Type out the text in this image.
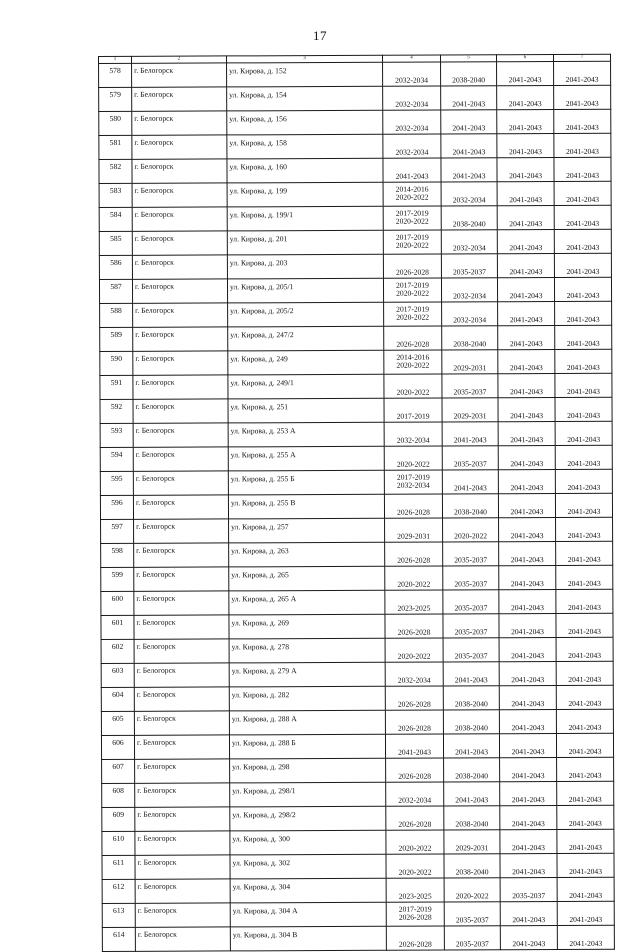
17
1	2	3	4	5	6	7
578	г. Белогорск	ул. Кирова, д. 152	2032-2034	2038-2040	2041-2043	2041-2043
579	г. Белогорск	ул. Кирова, д. 154	2032-2034	2041-2043	2041-2043	2041-2043
580	г. Белогорск	ул. Кирова, д. 156	2032-2034	2041-2043	2041-2043	2041-2043
581	г. Белогорск	ул. Кирова, д. 158	2032-2034	2041-2043	2041-2043	2041-2043
582	г. Белогорск	ул. Кирова, д. 160	2041-2043	2041-2043	2041-2043	2041-2043
583	г. Белогорск	ул. Кирова, д. 199	2014-2016
2020-2022	2032-2034	2041-2043	2041-2043
584	г. Белогорск	ул. Кирова, д. 199/1	2017-2019
2020-2022	2038-2040	2041-2043	2041-2043
585	г. Белогорск	ул. Кирова, д. 201	2017-2019
2020-2022	2032-2034	2041-2043	2041-2043
586	г. Белогорск	ул. Кирова, д. 203	2026-2028	2035-2037	2041-2043	2041-2043
587	г. Белогорск	ул. Кирова, д. 205/1	2017-2019
2020-2022	2032-2034	2041-2043	2041-2043
588	г. Белогорск	ул. Кирова, д. 205/2	2017-2019
2020-2022	2032-2034	2041-2043	2041-2043
589	г. Белогорск	ул. Кирова, д. 247/2	2026-2028	2038-2040	2041-2043	2041-2043
590	г. Белогорск	ул. Кирова, д. 249	2014-2016
2020-2022	2029-2031	2041-2043	2041-2043
591	г. Белогорск	ул. Кирова, д. 249/1	2020-2022	2035-2037	2041-2043	2041-2043
592	г. Белогорск	ул. Кирова, д. 251	2017-2019	2029-2031	2041-2043	2041-2043
593	г. Белогорск	ул. Кирова, д. 253 А	2032-2034	2041-2043	2041-2043	2041-2043
594	г. Белогорск	ул. Кирова, д. 255 А	2020-2022	2035-2037	2041-2043	2041-2043
595	г. Белогорск	ул. Кирова, д. 255 Б	2017-2019
2032-2034	2041-2043	2041-2043	2041-2043
596	г. Белогорск	ул. Кирова, д. 255 В	2026-2028	2038-2040	2041-2043	2041-2043
597	г. Белогорск	ул. Кирова, д. 257	2029-2031	2020-2022	2041-2043	2041-2043
598	г. Белогорск	ул. Кирова, д. 263	2026-2028	2035-2037	2041-2043	2041-2043
599	г. Белогорск	ул. Кирова, д. 265	2020-2022	2035-2037	2041-2043	2041-2043
600	г. Белогорск	ул. Кирова, д. 265 А	2023-2025	2035-2037	2041-2043	2041-2043
601	г. Белогорск	ул. Кирова, д. 269	2026-2028	2035-2037	2041-2043	2041-2043
602	г. Белогорск	ул. Кирова, д. 278	2020-2022	2035-2037	2041-2043	2041-2043
603	г. Белогорск	ул. Кирова, д. 279 А	2032-2034	2041-2043	2041-2043	2041-2043
604	г. Белогорск	ул. Кирова, д. 282	2026-2028	2038-2040	2041-2043	2041-2043
605	г. Белогорск	ул. Кирова, д. 288 А	2026-2028	2038-2040	2041-2043	2041-2043
606	г. Белогорск	ул. Кирова, д. 288 Б	2041-2043	2041-2043	2041-2043	2041-2043
607	г. Белогорск	ул. Кирова, д. 298	2026-2028	2038-2040	2041-2043	2041-2043
608	г. Белогорск	ул. Кирова, д. 298/1	2032-2034	2041-2043	2041-2043	2041-2043
609	г. Белогорск	ул. Кирова, д. 298/2	2026-2028	2038-2040	2041-2043	2041-2043
610	г. Белогорск	ул. Кирова, д. 300	2020-2022	2029-2031	2041-2043	2041-2043
611	г. Белогорск	ул. Кирова, д. 302	2020-2022	2038-2040	2041-2043	2041-2043
612	г. Белогорск	ул. Кирова, д. 304	2023-2025	2020-2022	2035-2037	2041-2043
613	г. Белогорск	ул. Кирова, д. 304 А	2017-2019
2026-2028	2035-2037	2041-2043	2041-2043
614	г. Белогорск	ул. Кирова, д. 304 В	2026-2028	2035-2037	2041-2043	2041-2043
